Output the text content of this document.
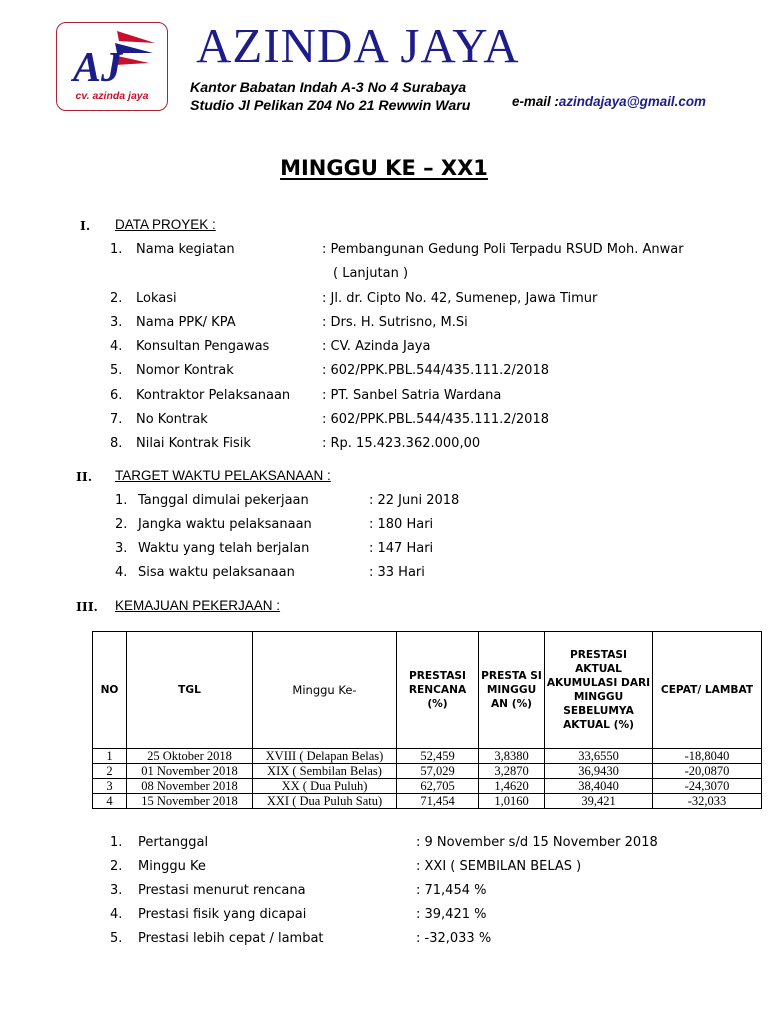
AJ
cv. azinda jaya
AZINDA JAYA
Kantor Babatan Indah A-3 No 4 Surabaya
Studio Jl Pelikan Z04 No 21 Rewwin Waru	e-mail :azindajaya@gmail.com
MINGGU KE – XX1
I. DATA PROYEK :
1. Nama kegiatan	: Pembangunan Gedung Poli Terpadu RSUD Moh. Anwar
( Lanjutan )
2. Lokasi	: Jl. dr. Cipto No. 42, Sumenep, Jawa Timur
3. Nama PPK/ KPA	: Drs. H. Sutrisno, M.Si
4. Konsultan Pengawas	: CV. Azinda Jaya
5. Nomor Kontrak	: 602/PPK.PBL.544/435.111.2/2018
6. Kontraktor Pelaksanaan : PT. Sanbel Satria Wardana
7. No Kontrak	: 602/PPK.PBL.544/435.111.2/2018
8. Nilai Kontrak Fisik	: Rp. 15.423.362.000,00
II. TARGET WAKTU PELAKSANAAN :
1. Tanggal dimulai pekerjaan	: 22 Juni 2018
2. Jangka waktu pelaksanaan	: 180 Hari
3. Waktu yang telah berjalan	: 147 Hari
4. Sisa waktu pelaksanaan	: 33 Hari
III. KEMAJUAN PEKERJAAN :
NO	TGL	Minggu Ke-	PRESTASI RENCANA (%)	PRESTA SI MINGGU AN (%)	PRESTASI AKTUAL AKUMULASI DARI MINGGU SEBELUMYA AKTUAL (%)	CEPAT/ LAMBAT
1	25 Oktober 2018	XVIII ( Delapan Belas)	52,459	3,8380	33,6550	-18,8040
2	01 November 2018	XIX ( Sembilan Belas)	57,029	3,2870	36,9430	-20,0870
3	08 November 2018	XX ( Dua Puluh)	62,705	1,4620	38,4040	-24,3070
4	15 November 2018	XXI ( Dua Puluh Satu)	71,454	1,0160	39,421	-32,033
1. Pertanggal	: 9 November s/d 15 November 2018
2. Minggu Ke	: XXI ( SEMBILAN BELAS )
3. Prestasi menurut rencana	: 71,454 %
4. Prestasi fisik yang dicapai	: 39,421 %
5. Prestasi lebih cepat / lambat	: -32,033 %
